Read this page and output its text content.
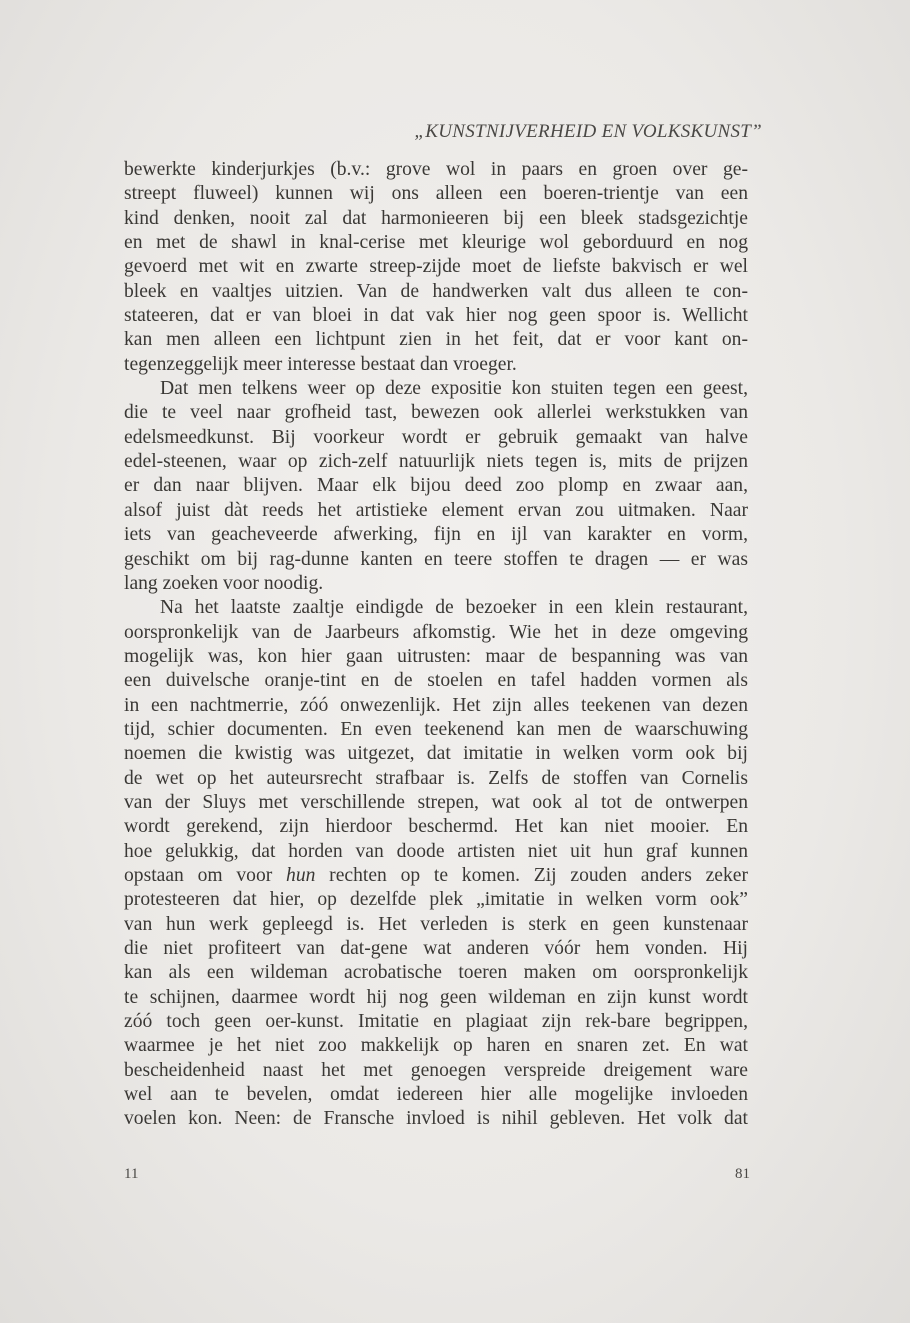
„KUNSTNIJVERHEID EN VOLKSKUNST”
bewerkte kinderjurkjes (b.v.: grove wol in paars en groen over ge-
streept fluweel) kunnen wij ons alleen een boeren-trientje van een
kind denken, nooit zal dat harmonieeren bij een bleek stadsgezichtje
en met de shawl in knal-cerise met kleurige wol geborduurd en nog
gevoerd met wit en zwarte streep-zijde moet de liefste bakvisch er wel
bleek en vaaltjes uitzien. Van de handwerken valt dus alleen te con-
stateeren, dat er van bloei in dat vak hier nog geen spoor is. Wellicht
kan men alleen een lichtpunt zien in het feit, dat er voor kant on-
tegenzeggelijk meer interesse bestaat dan vroeger.
Dat men telkens weer op deze expositie kon stuiten tegen een geest,
die te veel naar grofheid tast, bewezen ook allerlei werkstukken van
edelsmeedkunst. Bij voorkeur wordt er gebruik gemaakt van halve
edel-steenen, waar op zich-zelf natuurlijk niets tegen is, mits de prijzen
er dan naar blijven. Maar elk bijou deed zoo plomp en zwaar aan,
alsof juist dàt reeds het artistieke element ervan zou uitmaken. Naar
iets van geacheveerde afwerking, fijn en ijl van karakter en vorm,
geschikt om bij rag-dunne kanten en teere stoffen te dragen — er was
lang zoeken voor noodig.
Na het laatste zaaltje eindigde de bezoeker in een klein restaurant,
oorspronkelijk van de Jaarbeurs afkomstig. Wie het in deze omgeving
mogelijk was, kon hier gaan uitrusten: maar de bespanning was van
een duivelsche oranje-tint en de stoelen en tafel hadden vormen als
in een nachtmerrie, zóó onwezenlijk. Het zijn alles teekenen van dezen
tijd, schier documenten. En even teekenend kan men de waarschuwing
noemen die kwistig was uitgezet, dat imitatie in welken vorm ook bij
de wet op het auteursrecht strafbaar is. Zelfs de stoffen van Cornelis
van der Sluys met verschillende strepen, wat ook al tot de ontwerpen
wordt gerekend, zijn hierdoor beschermd. Het kan niet mooier. En
hoe gelukkig, dat horden van doode artisten niet uit hun graf kunnen
opstaan om voor hun rechten op te komen. Zij zouden anders zeker
protesteeren dat hier, op dezelfde plek „imitatie in welken vorm ook”
van hun werk gepleegd is. Het verleden is sterk en geen kunstenaar
die niet profiteert van dat-gene wat anderen vóór hem vonden. Hij
kan als een wildeman acrobatische toeren maken om oorspronkelijk
te schijnen, daarmee wordt hij nog geen wildeman en zijn kunst wordt
zóó toch geen oer-kunst. Imitatie en plagiaat zijn rek-bare begrippen,
waarmee je het niet zoo makkelijk op haren en snaren zet. En wat
bescheidenheid naast het met genoegen verspreide dreigement ware
wel aan te bevelen, omdat iedereen hier alle mogelijke invloeden
voelen kon. Neen: de Fransche invloed is nihil gebleven. Het volk dat
11	81
